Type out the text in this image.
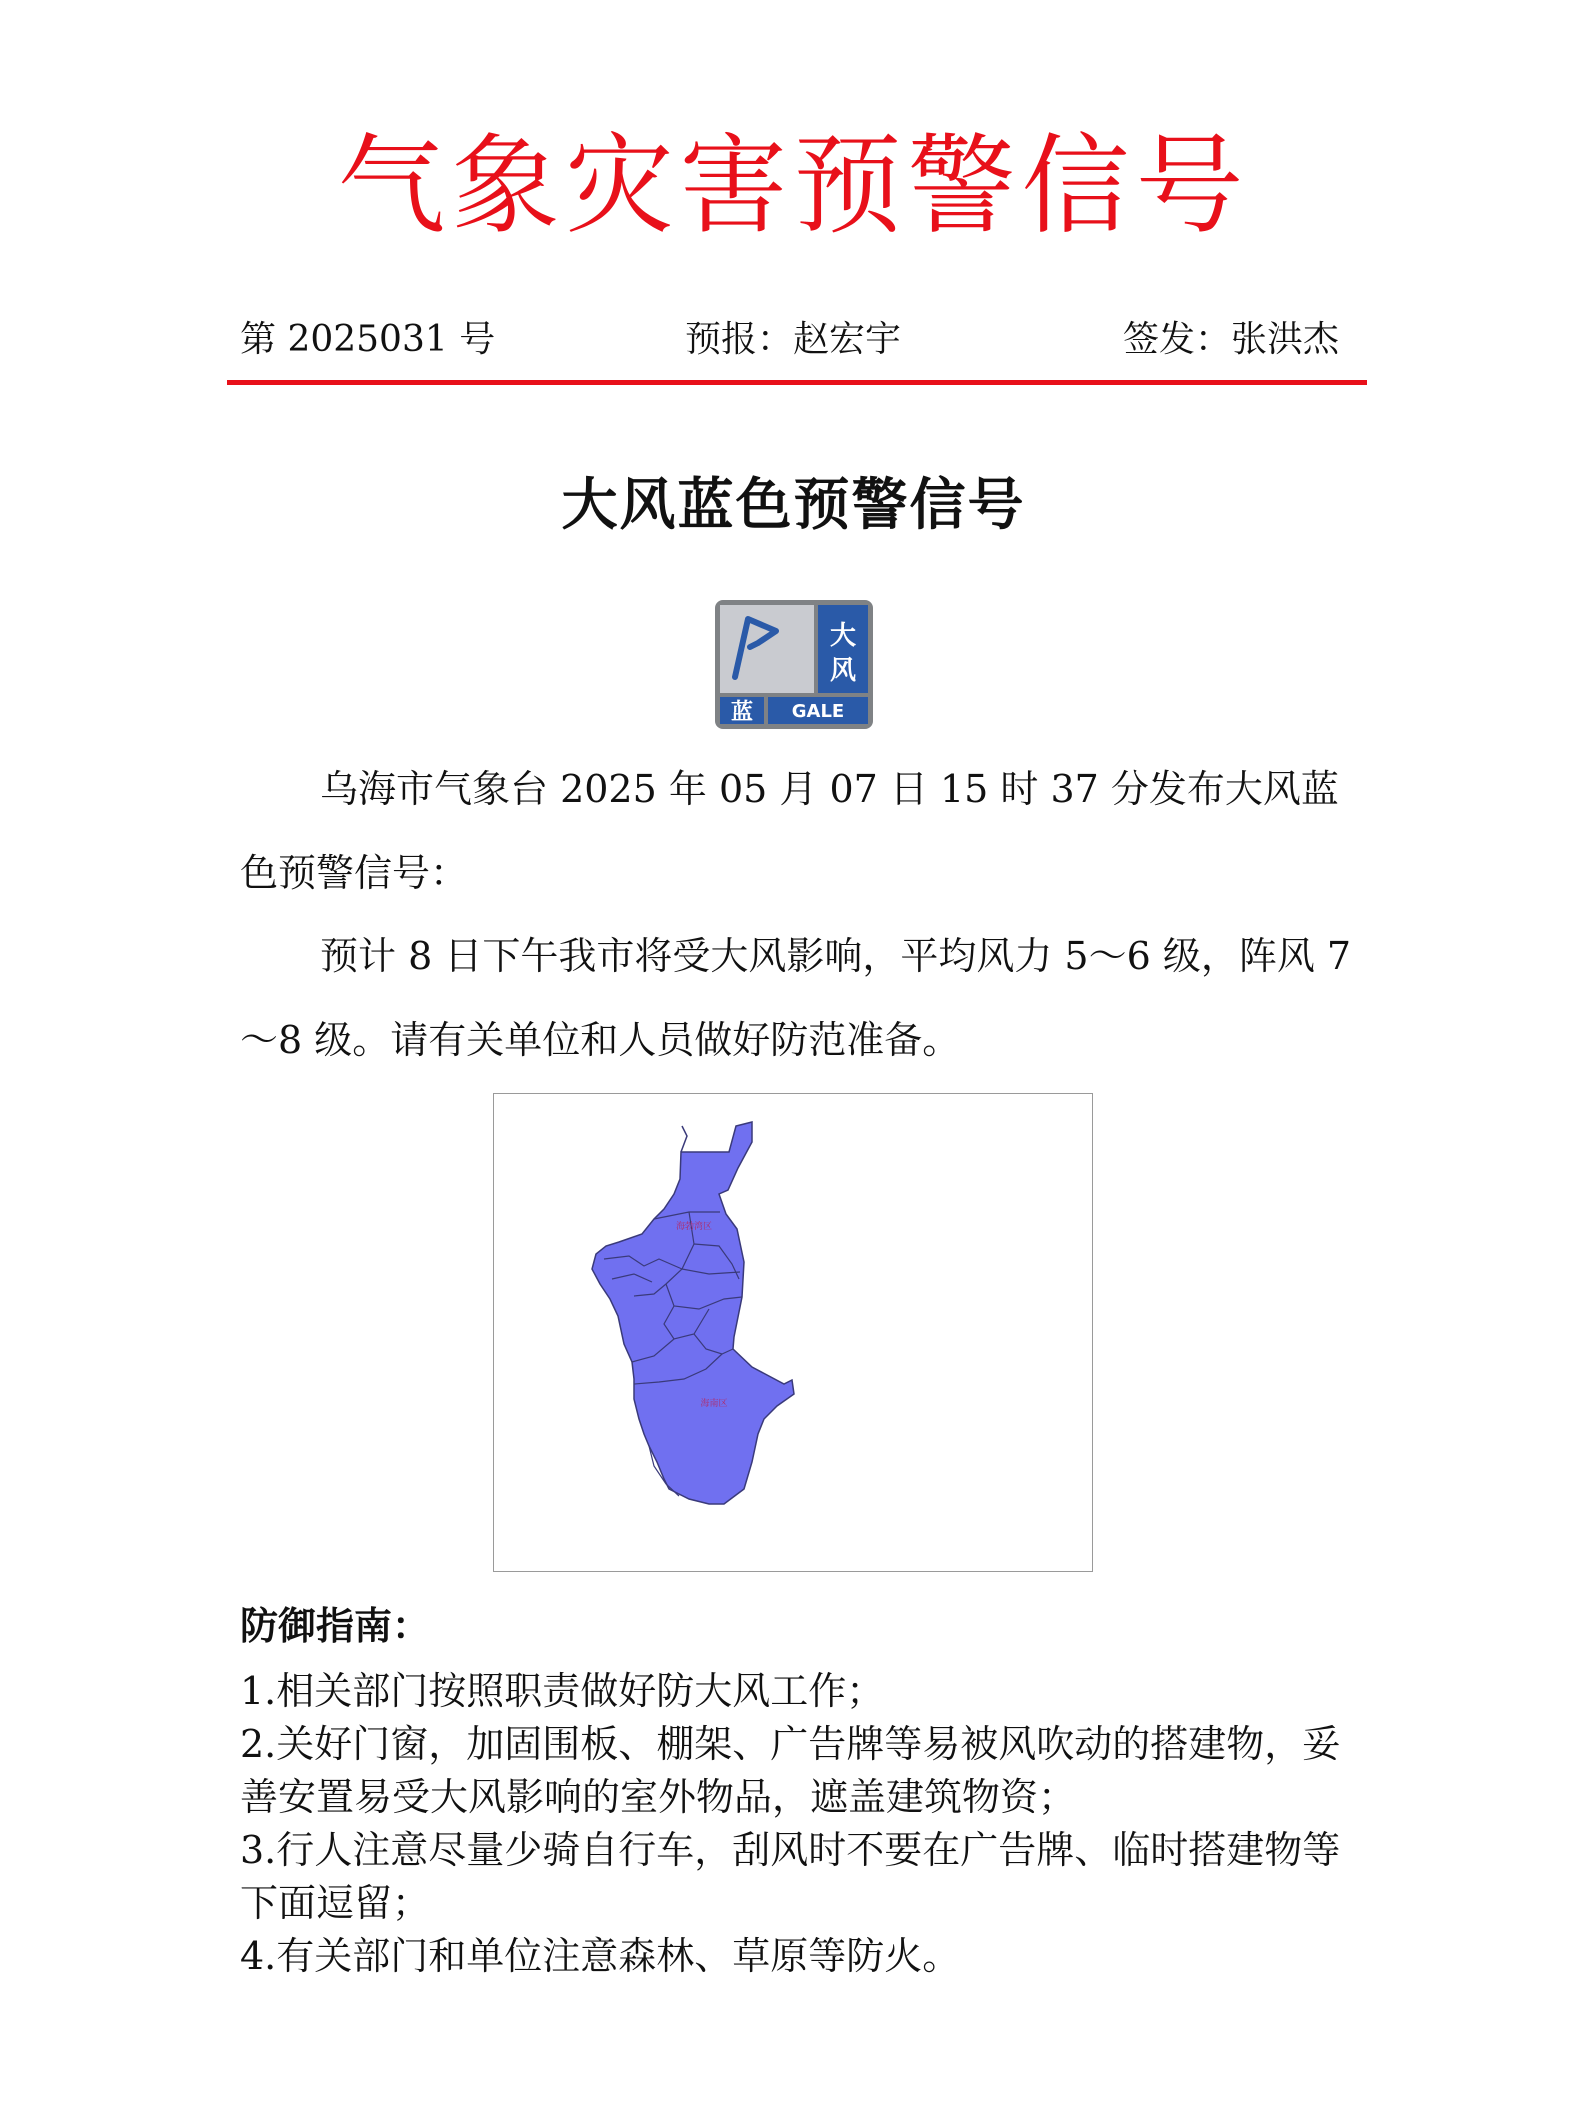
气象灾害预警信号
第 2025031 号	预报：赵宏宇	签发：张洪杰
大风蓝色预警信号
大
风
蓝 GALE

乌海市气象台 2025 年 05 月 07 日 15 时 37 分发布大风蓝色预警信号：

预计 8 日下午我市将受大风影响，平均风力 5～6 级，阵风 7～8 级。请有关单位和人员做好防范准备。

海勃湾区
海南区
防御指南：
1.相关部门按照职责做好防大风工作；
2.关好门窗，加固围板、棚架、广告牌等易被风吹动的搭建物，妥善安置易受大风影响的室外物品，遮盖建筑物资；
3.行人注意尽量少骑自行车，刮风时不要在广告牌、临时搭建物等下面逗留；
4.有关部门和单位注意森林、草原等防火。
